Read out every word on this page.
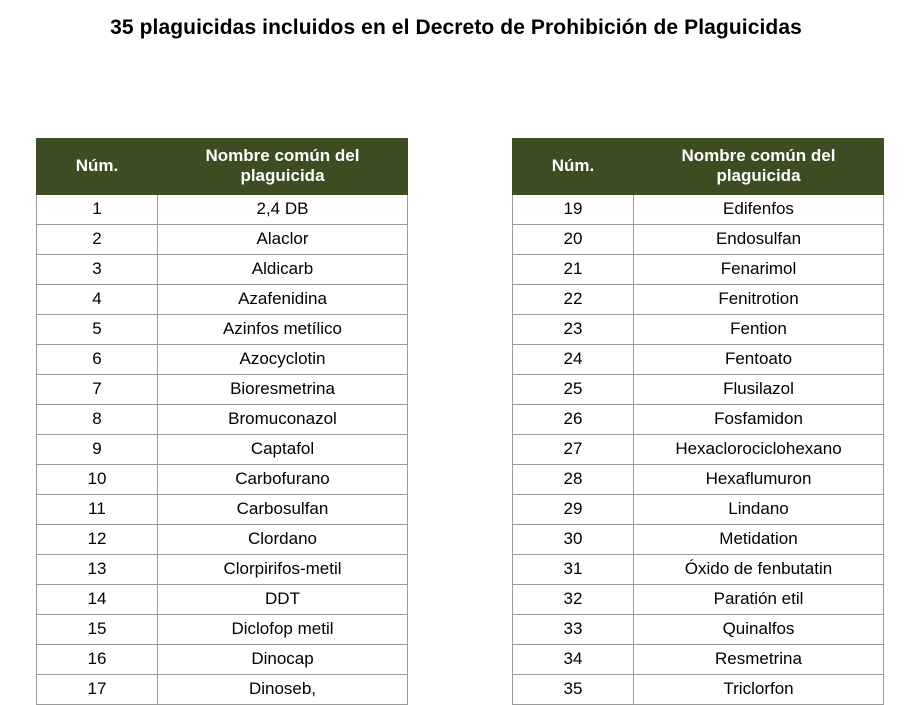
35 plaguicidas incluidos en el Decreto de Prohibición de Plaguicidas
Núm.	Nombre común del plaguicida
1	2,4 DB
2	Alaclor
3	Aldicarb
4	Azafenidina
5	Azinfos metílico
6	Azocyclotin
7	Bioresmetrina
8	Bromuconazol
9	Captafol
10	Carbofurano
11	Carbosulfan
12	Clordano
13	Clorpirifos-metil
14	DDT
15	Diclofop metil
16	Dinocap
17	Dinoseb,
Núm.	Nombre común del plaguicida
19	Edifenfos
20	Endosulfan
21	Fenarimol
22	Fenitrotion
23	Fention
24	Fentoato
25	Flusilazol
26	Fosfamidon
27	Hexaclorociclohexano
28	Hexaflumuron
29	Lindano
30	Metidation
31	Óxido de fenbutatin
32	Paratión etil
33	Quinalfos
34	Resmetrina
35	Triclorfon
